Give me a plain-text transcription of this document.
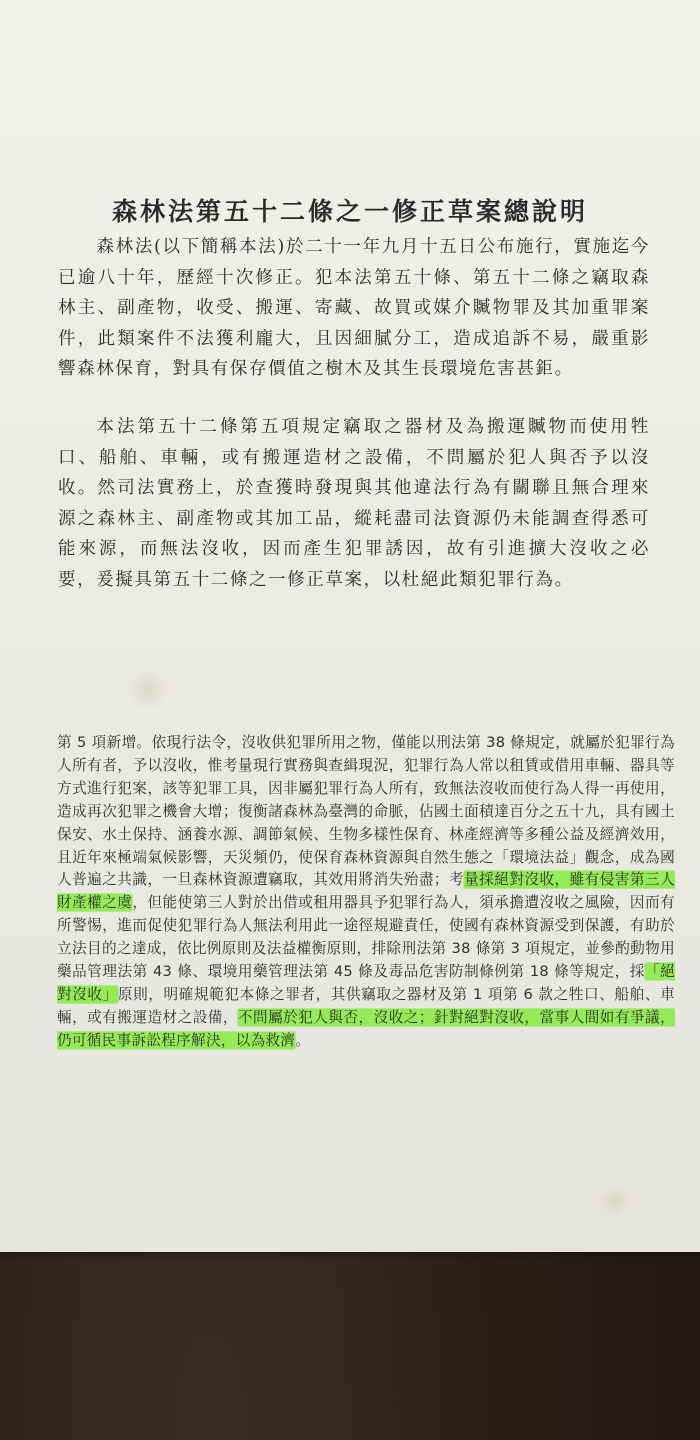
森林法第五十二條之一修正草案總說明
森林法(以下簡稱本法)於二十一年九月十五日公布施行，實施迄今已逾八十年，歷經十次修正。犯本法第五十條、第五十二條之竊取森林主、副產物，收受、搬運、寄藏、故買或媒介贓物罪及其加重罪案件，此類案件不法獲利龐大，且因細膩分工，造成追訴不易，嚴重影響森林保育，對具有保存價值之樹木及其生長環境危害甚鉅。
本法第五十二條第五項規定竊取之器材及為搬運贓物而使用牲口、船舶、車輛，或有搬運造材之設備，不問屬於犯人與否予以沒收。然司法實務上，於查獲時發現與其他違法行為有關聯且無合理來源之森林主、副產物或其加工品，縱耗盡司法資源仍未能調查得悉可能來源，而無法沒收，因而產生犯罪誘因，故有引進擴大沒收之必要，爰擬具第五十二條之一修正草案，以杜絕此類犯罪行為。
第 5 項新增。依現行法令，沒收供犯罪所用之物，僅能以刑法第 38 條規定，就屬於犯罪行為人所有者，予以沒收，惟考量現行實務與查緝現況，犯罪行為人常以租賃或借用車輛、器具等方式進行犯案，該等犯罪工具，因非屬犯罪行為人所有，致無法沒收而使行為人得一再使用，造成再次犯罪之機會大增；復衡諸森林為臺灣的命脈，佔國土面積達百分之五十九，具有國土保安、水土保持、涵養水源、調節氣候、生物多樣性保育、林產經濟等多種公益及經濟效用，且近年來極端氣候影響，天災頻仍，使保育森林資源與自然生態之「環境法益」觀念，成為國人普遍之共識，一旦森林資源遭竊取，其效用將消失殆盡；考量採絕對沒收，雖有侵害第三人財產權之虞，但能使第三人對於出借或租用器具予犯罪行為人，須承擔遭沒收之風險，因而有所警惕，進而促使犯罪行為人無法利用此一途徑規避責任，使國有森林資源受到保護，有助於立法目的之達成，依比例原則及法益權衡原則，排除刑法第 38 條第 3 項規定，並參酌動物用藥品管理法第 43 條、環境用藥管理法第 45 條及毒品危害防制條例第 18 條等規定，採「絕對沒收」原則，明確規範犯本條之罪者，其供竊取之器材及第 1 項第 6 款之牲口、船舶、車輛，或有搬運造材之設備，不問屬於犯人與否，沒收之；針對絕對沒收，當事人間如有爭議，仍可循民事訴訟程序解決，以為救濟。
